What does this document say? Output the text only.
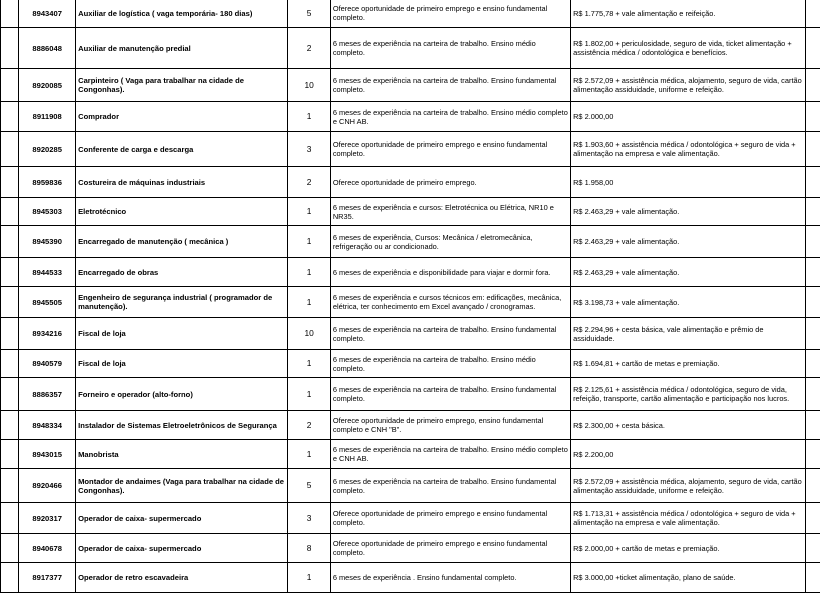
	8943407	Auxiliar de logística ( vaga temporária- 180 dias)	5	Oferece oportunidade de primeiro emprego e ensino fundamental completo.	R$ 1.775,78 + vale alimentação e reifeição.	
	8886048	Auxiliar de manutenção predial	2	6 meses de experiência na carteira de trabalho. Ensino médio completo.	R$ 1.802,00 + periculosidade, seguro de vida, ticket alimentação + assistência médica / odontológica e benefícios.	
	8920085	Carpinteiro ( Vaga para trabalhar na cidade de Congonhas).	10	6 meses de experiência na carteira de trabalho. Ensino fundamental completo.	R$ 2.572,09 + assistência médica, alojamento, seguro de vida, cartão alimentação assiduidade, uniforme e refeição.	
	8911908	Comprador	1	6 meses de experiência na carteira de trabalho. Ensino médio completo e CNH AB.	R$ 2.000,00	
	8920285	Conferente de carga e descarga	3	Oferece oportunidade de primeiro emprego e ensino fundamental completo.	R$ 1.903,60 + assistência médica / odontológica + seguro de vida + alimentação na empresa e vale alimentação.	
	8959836	Costureira de máquinas industriais	2	Oferece oportunidade de primeiro emprego.	R$ 1.958,00	
	8945303	Eletrotécnico	1	6 meses de experiência e cursos: Eletrotécnica ou Elétrica, NR10 e NR35.	R$ 2.463,29 + vale alimentação.	
	8945390	Encarregado de manutenção ( mecânica )	1	6 meses de experiência, Cursos: Mecânica / eletromecânica, refrigeração ou ar condicionado.	R$ 2.463,29 + vale alimentação.	
	8944533	Encarregado de obras	1	6 meses de experiência e disponibilidade para viajar e dormir fora.	R$ 2.463,29 + vale alimentação.	
	8945505	Engenheiro de segurança industrial ( programador de manutenção).	1	6 meses de experiência e cursos técnicos em: edificações, mecânica, elétrica, ter conhecimento em Excel avançado / cronogramas.	R$ 3.198,73 + vale alimentação.	
	8934216	Fiscal de loja	10	6 meses de experiência na carteira de trabalho. Ensino fundamental completo.	R$ 2.294,96 + cesta básica, vale alimentação e prêmio de assiduidade.	
	8940579	Fiscal de loja	1	6 meses de experiência na carteira de trabalho. Ensino médio completo.	R$ 1.694,81 + cartão de metas e premiação.	
	8886357	Forneiro e operador (alto-forno)	1	6 meses de experiência na carteira de trabalho. Ensino fundamental completo.	R$ 2.125,61 + assistência médica / odontológica, seguro de vida, refeição, transporte, cartão alimentação e participação nos lucros.	
	8948334	Instalador de Sistemas Eletroeletrônicos de Segurança	2	Oferece oportunidade de primeiro emprego, ensino fundamental completo e CNH "B".	R$ 2.300,00 + cesta básica.	
	8943015	Manobrista	1	6 meses de experiência na carteira de trabalho. Ensino médio completo e CNH AB.	R$ 2.200,00	
	8920466	Montador de andaimes (Vaga para trabalhar na cidade de Congonhas).	5	6 meses de experiência na carteira de trabalho. Ensino fundamental completo.	R$ 2.572,09 + assistência médica, alojamento, seguro de vida, cartão alimentação assiduidade, uniforme e refeição.	
	8920317	Operador de caixa- supermercado	3	Oferece oportunidade de primeiro emprego e ensino fundamental completo.	R$ 1.713,31 + assistência médica / odontológica + seguro de vida + alimentação na empresa e vale alimentação.	
	8940678	Operador de caixa- supermercado	8	Oferece oportunidade de primeiro emprego e ensino fundamental completo.	R$ 2.000,00 + cartão de metas e premiação.	
	8917377	Operador de retro escavadeira	1	6 meses de experiência . Ensino fundamental completo.	R$ 3.000,00 +ticket alimentação, plano de saúde.	
